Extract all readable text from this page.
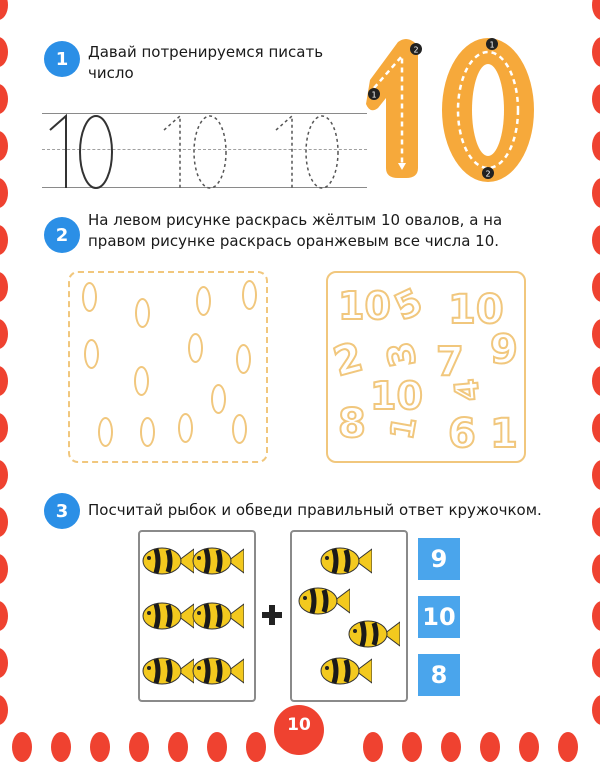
1	Давай потренируемся писать число
1
2
1
2
2
На левом рисунке раскрась жёлтым 10 овалов, а на правом рисунке раскрась оранжевым все числа 10.
10
5 10
2 3 7 9
10 4
8 1 6 1
3	Посчитай рыбок и обведи правильный ответ кружочком.
9
10
8
10
